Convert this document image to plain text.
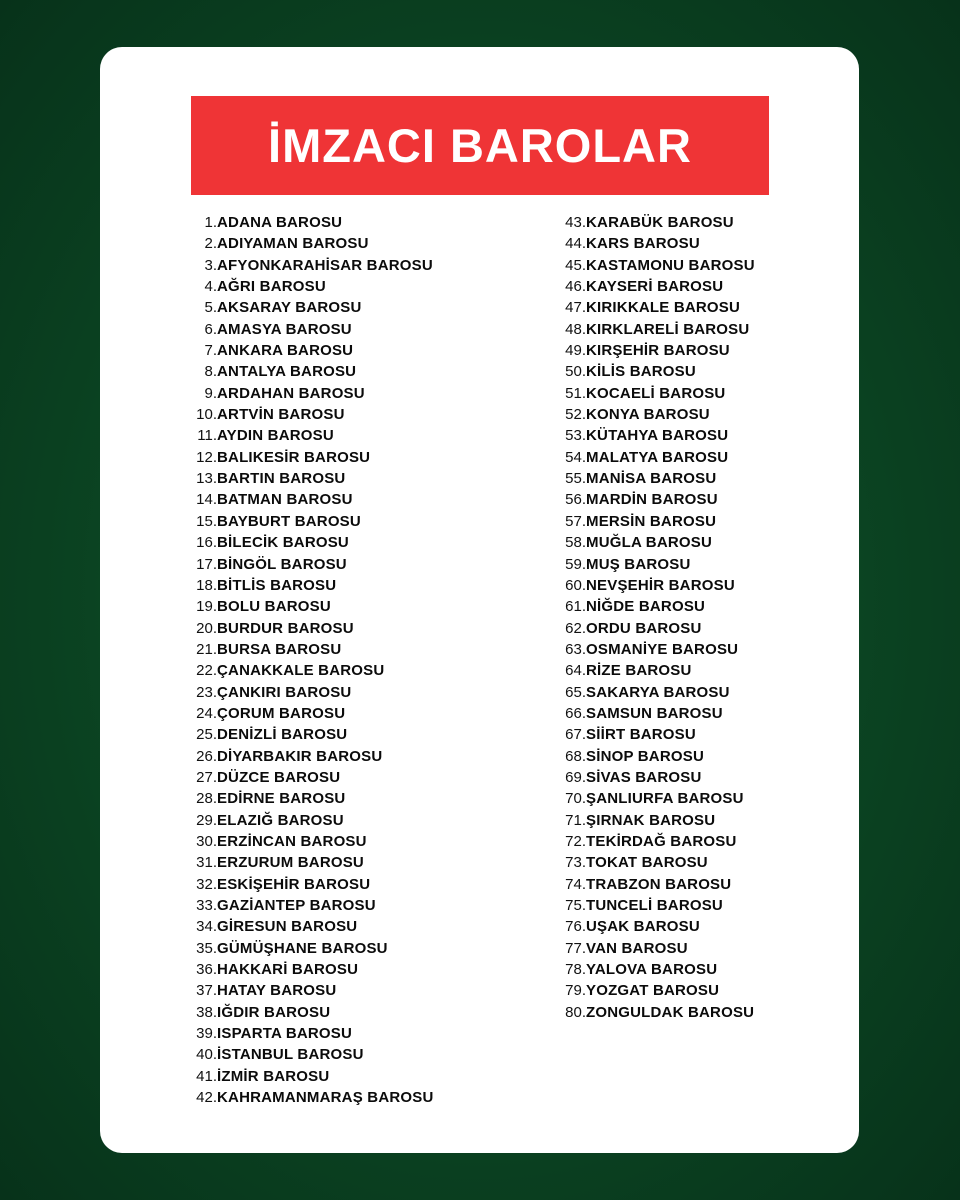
İMZACI BAROLAR
1. ADANA BAROSU
2. ADIYAMAN BAROSU
3. AFYONKARAHİSAR BAROSU
4. AĞRI BAROSU
5. AKSARAY BAROSU
6. AMASYA BAROSU
7. ANKARA BAROSU
8. ANTALYA BAROSU
9. ARDAHAN BAROSU
10. ARTVİN BAROSU
11. AYDIN BAROSU
12. BALIKESİR BAROSU
13. BARTIN BAROSU
14. BATMAN BAROSU
15. BAYBURT BAROSU
16. BİLECİK BAROSU
17. BİNGÖL BAROSU
18. BİTLİS BAROSU
19. BOLU BAROSU
20. BURDUR BAROSU
21. BURSA BAROSU
22. ÇANAKKALE BAROSU
23. ÇANKIRI BAROSU
24. ÇORUM BAROSU
25. DENİZLİ BAROSU
26. DİYARBAKIR BAROSU
27. DÜZCE BAROSU
28. EDİRNE BAROSU
29. ELAZIĞ BAROSU
30. ERZİNCAN BAROSU
31. ERZURUM BAROSU
32. ESKİŞEHİR BAROSU
33. GAZİANTEP BAROSU
34. GİRESUN BAROSU
35. GÜMÜŞHANE BAROSU
36. HAKKARİ BAROSU
37. HATAY BAROSU
38. IĞDIR BAROSU
39. ISPARTA BAROSU
40. İSTANBUL BAROSU
41. İZMİR BAROSU
42. KAHRAMANMARAŞ BAROSU
43. KARABÜK BAROSU
44. KARS BAROSU
45. KASTAMONU BAROSU
46. KAYSERİ BAROSU
47. KIRIKKALE BAROSU
48. KIRKLARELİ BAROSU
49. KIRŞEHİR BAROSU
50. KİLİS BAROSU
51. KOCAELİ BAROSU
52. KONYA BAROSU
53. KÜTAHYA BAROSU
54. MALATYA BAROSU
55. MANİSA BAROSU
56. MARDİN BAROSU
57. MERSİN BAROSU
58. MUĞLA BAROSU
59. MUŞ BAROSU
60. NEVŞEHİR BAROSU
61. NİĞDE BAROSU
62. ORDU BAROSU
63. OSMANİYE BAROSU
64. RİZE BAROSU
65. SAKARYA BAROSU
66. SAMSUN BAROSU
67. SİİRT BAROSU
68. SİNOP BAROSU
69. SİVAS BAROSU
70. ŞANLIURFA BAROSU
71. ŞIRNAK BAROSU
72. TEKİRDAĞ BAROSU
73. TOKAT BAROSU
74. TRABZON BAROSU
75. TUNCELİ BAROSU
76. UŞAK BAROSU
77. VAN BAROSU
78. YALOVA BAROSU
79. YOZGAT BAROSU
80. ZONGULDAK BAROSU
